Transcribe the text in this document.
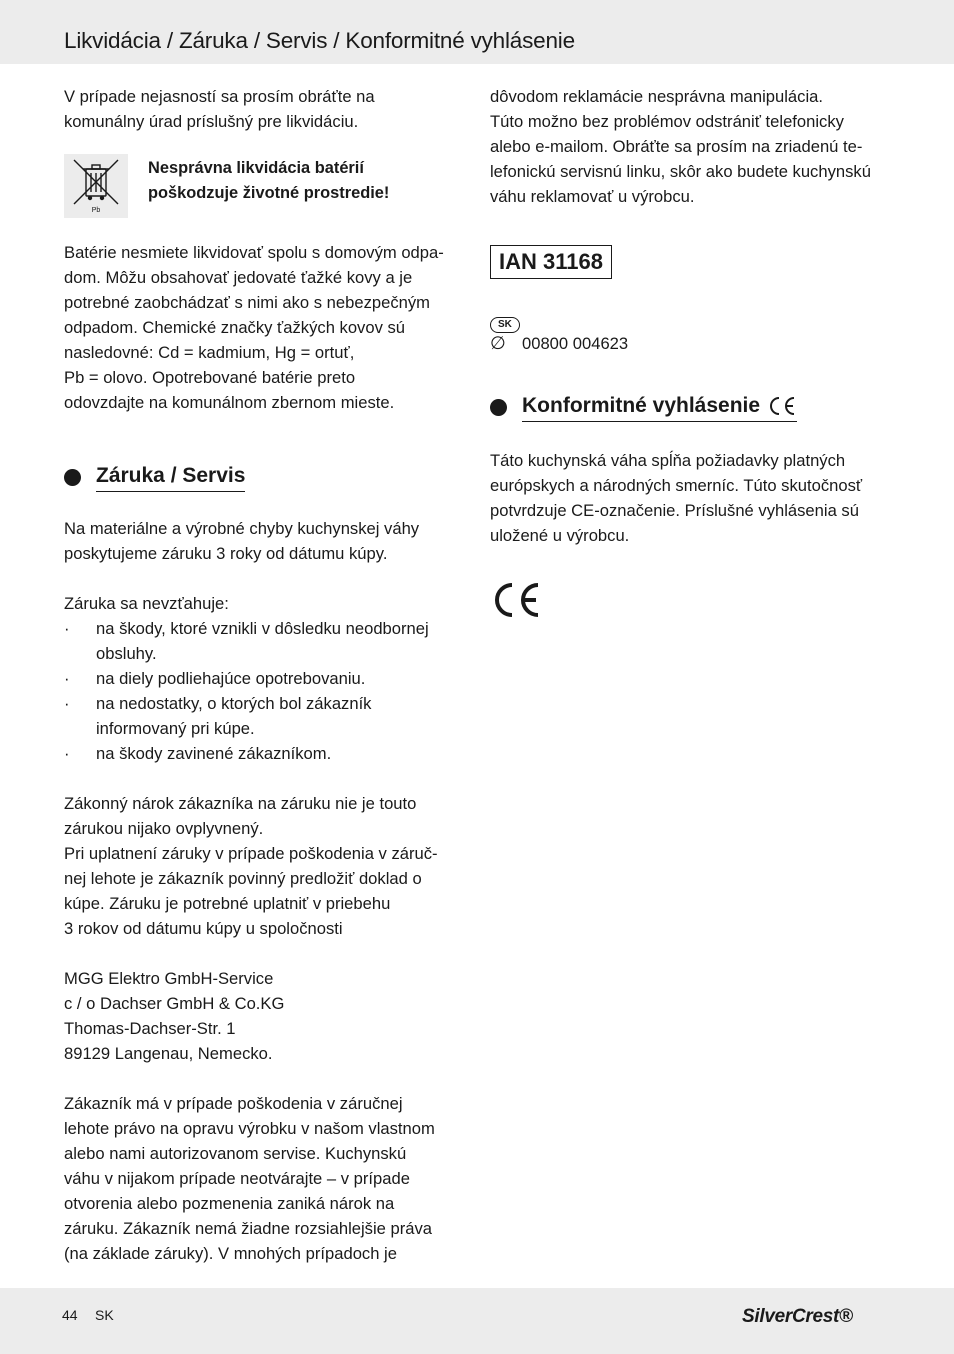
Likvidácia / Záruka / Servis / Konformitné vyhlásenie

V prípade nejasností sa prosím obráťte na

komunálny úrad príslušný pre likvidáciu.

Pb

Nesprávna likvidácia batérií

poškodzuje životné prostredie!

Batérie nesmiete likvidovať spolu s domovým odpa-

dom. Môžu obsahovať jedovaté ťažké kovy a je

potrebné zaobchádzať s nimi ako s nebezpečným

odpadom. Chemické značky ťažkých kovov sú

nasledovné: Cd = kadmium, Hg = ortuť,

Pb = olovo. Opotrebované batérie preto

odovzdajte na komunálnom zbernom mieste.

Záruka / Servis

Na materiálne a výrobné chyby kuchynskej váhy

poskytujeme záruku 3 roky od dátumu kúpy.

Záruka sa nevzťahuje:

· na škody, ktoré vznikli v dôsledku neodbornej

obsluhy.

· na diely podliehajúce opotrebovaniu.

· na nedostatky, o ktorých bol zákazník

informovaný pri kúpe.

· na škody zavinené zákazníkom.

Zákonný nárok zákazníka na záruku nie je touto

zárukou nijako ovplyvnený.

Pri uplatnení záruky v prípade poškodenia v záruč-

nej lehote je zákazník povinný predložiť doklad o

kúpe. Záruku je potrebné uplatniť v priebehu

3 rokov od dátumu kúpy u spoločnosti

MGG Elektro GmbH-Service

c / o Dachser GmbH & Co.KG

Thomas-Dachser-Str. 1

89129 Langenau, Nemecko.

Zákazník má v prípade poškodenia v záručnej

lehote právo na opravu výrobku v našom vlastnom

alebo nami autorizovanom servise. Kuchynskú

váhu v nijakom prípade neotvárajte – v prípade

otvorenia alebo pozmenenia zaniká nárok na

záruku. Zákazník nemá žiadne rozsiahlejšie práva

(na základe záruky). V mnohých prípadoch je

dôvodom reklamácie nesprávna manipulácia.

Túto možno bez problémov odstrániť telefonicky

alebo e-mailom. Obráťte sa prosím na zriadenú te-

lefonickú servisnú linku, skôr ako budete kuchynskú

váhu reklamovať u výrobcu.

IAN 31168
SK
∅ 00800 004623
Konformitné vyhlásenie

Táto kuchynská váha spĺňa požiadavky platných

európskych a národných smerníc. Túto skutočnosť

potvrdzuje CE-označenie. Príslušné vyhlásenia sú

uložené u výrobcu.

44 SK	SilverCrest®
